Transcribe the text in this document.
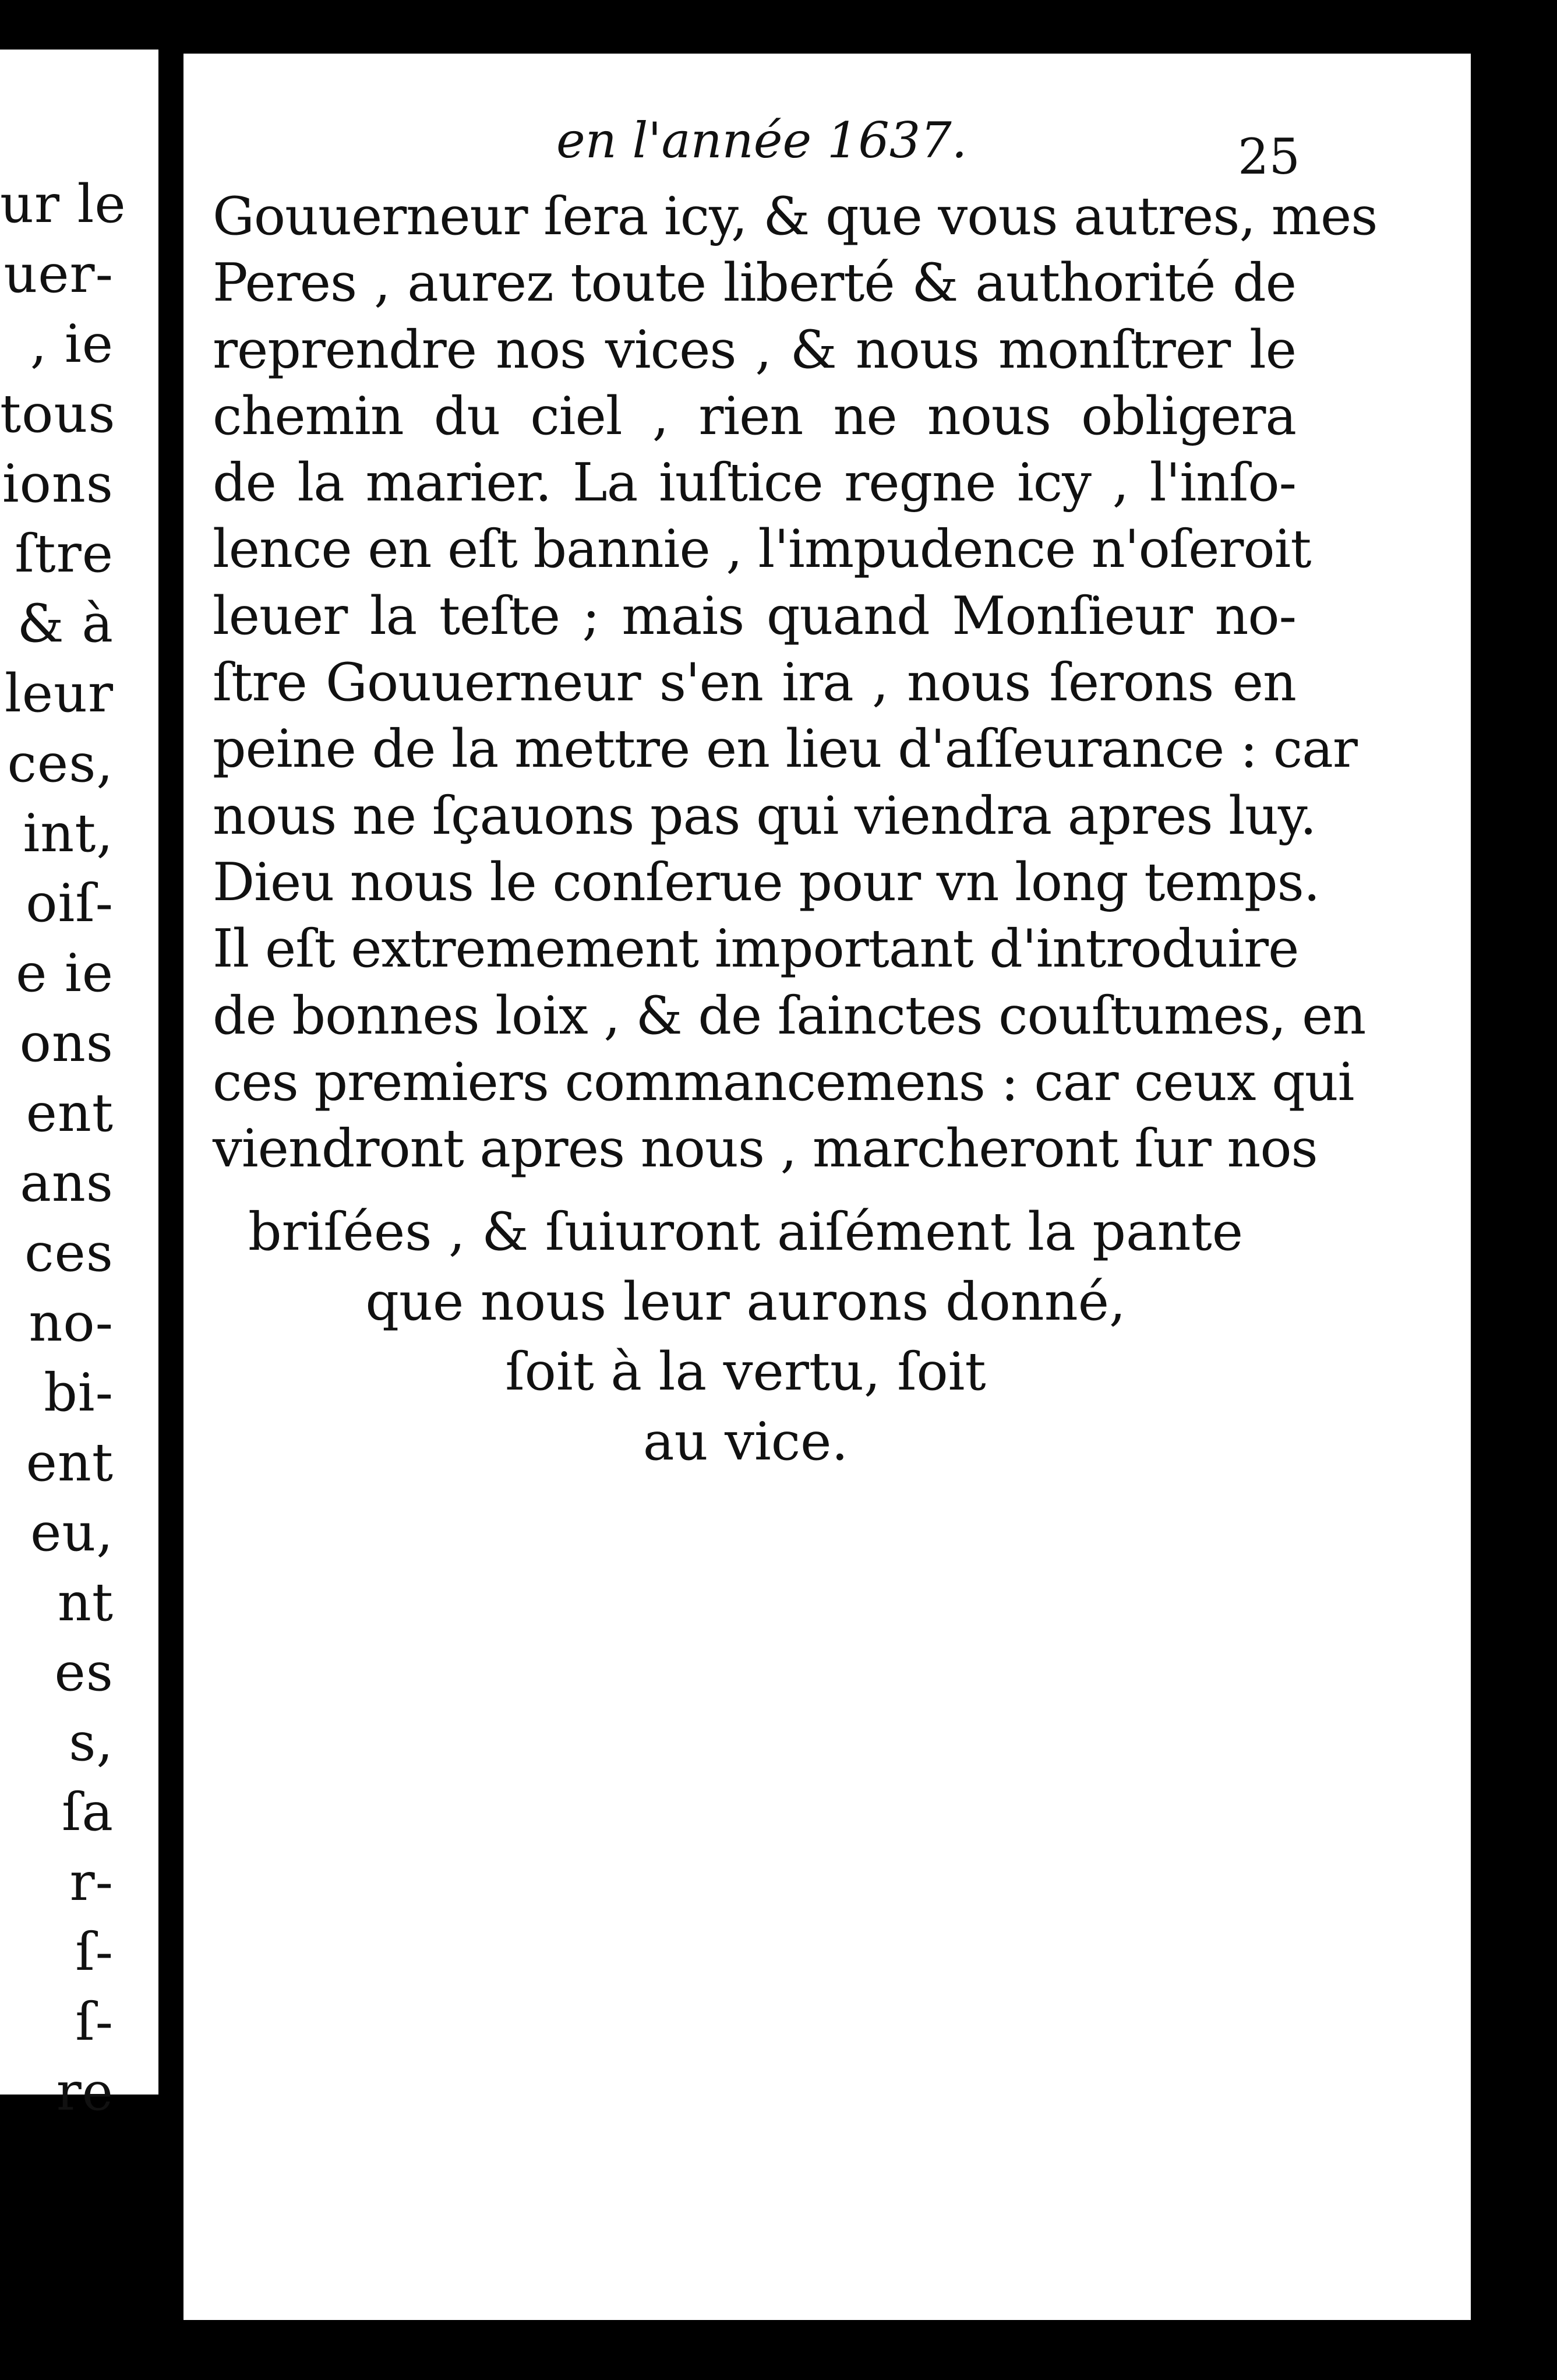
ur le
uer-
, ie
tous
ions
ſtre
& à
leur
ces,
int,
oiſ-
e ie
ons
ent
ans
ces
no-
bi-
ent
eu,
nt
es
s,
ſa
r-
ſ-
ſ-
re
en l'année 1637.	25
Gouuerneur ſera icy, & que vous autres, mes
Peres , aurez toute liberté & authorité de
reprendre nos vices , & nous monſtrer le
chemin du ciel , rien ne nous obligera
de la marier. La iuſtice regne icy , l'inſo-
lence en eſt bannie , l'impudence n'oſeroit
leuer la teſte ; mais quand Monſieur no-
ſtre Gouuerneur s'en ira , nous ſerons en
peine de la mettre en lieu d'aſſeurance : car
nous ne ſçauons pas qui viendra apres luy.
Dieu nous le conſerue pour vn long temps.
Il eſt extremement important d'introduire
de bonnes loix , & de ſainctes couſtumes, en
ces premiers commancemens : car ceux qui
viendront apres nous , marcheront ſur nos
briſées , & ſuiuront aiſément la pante
que nous leur aurons donné,
ſoit à la vertu, ſoit
au vice.
